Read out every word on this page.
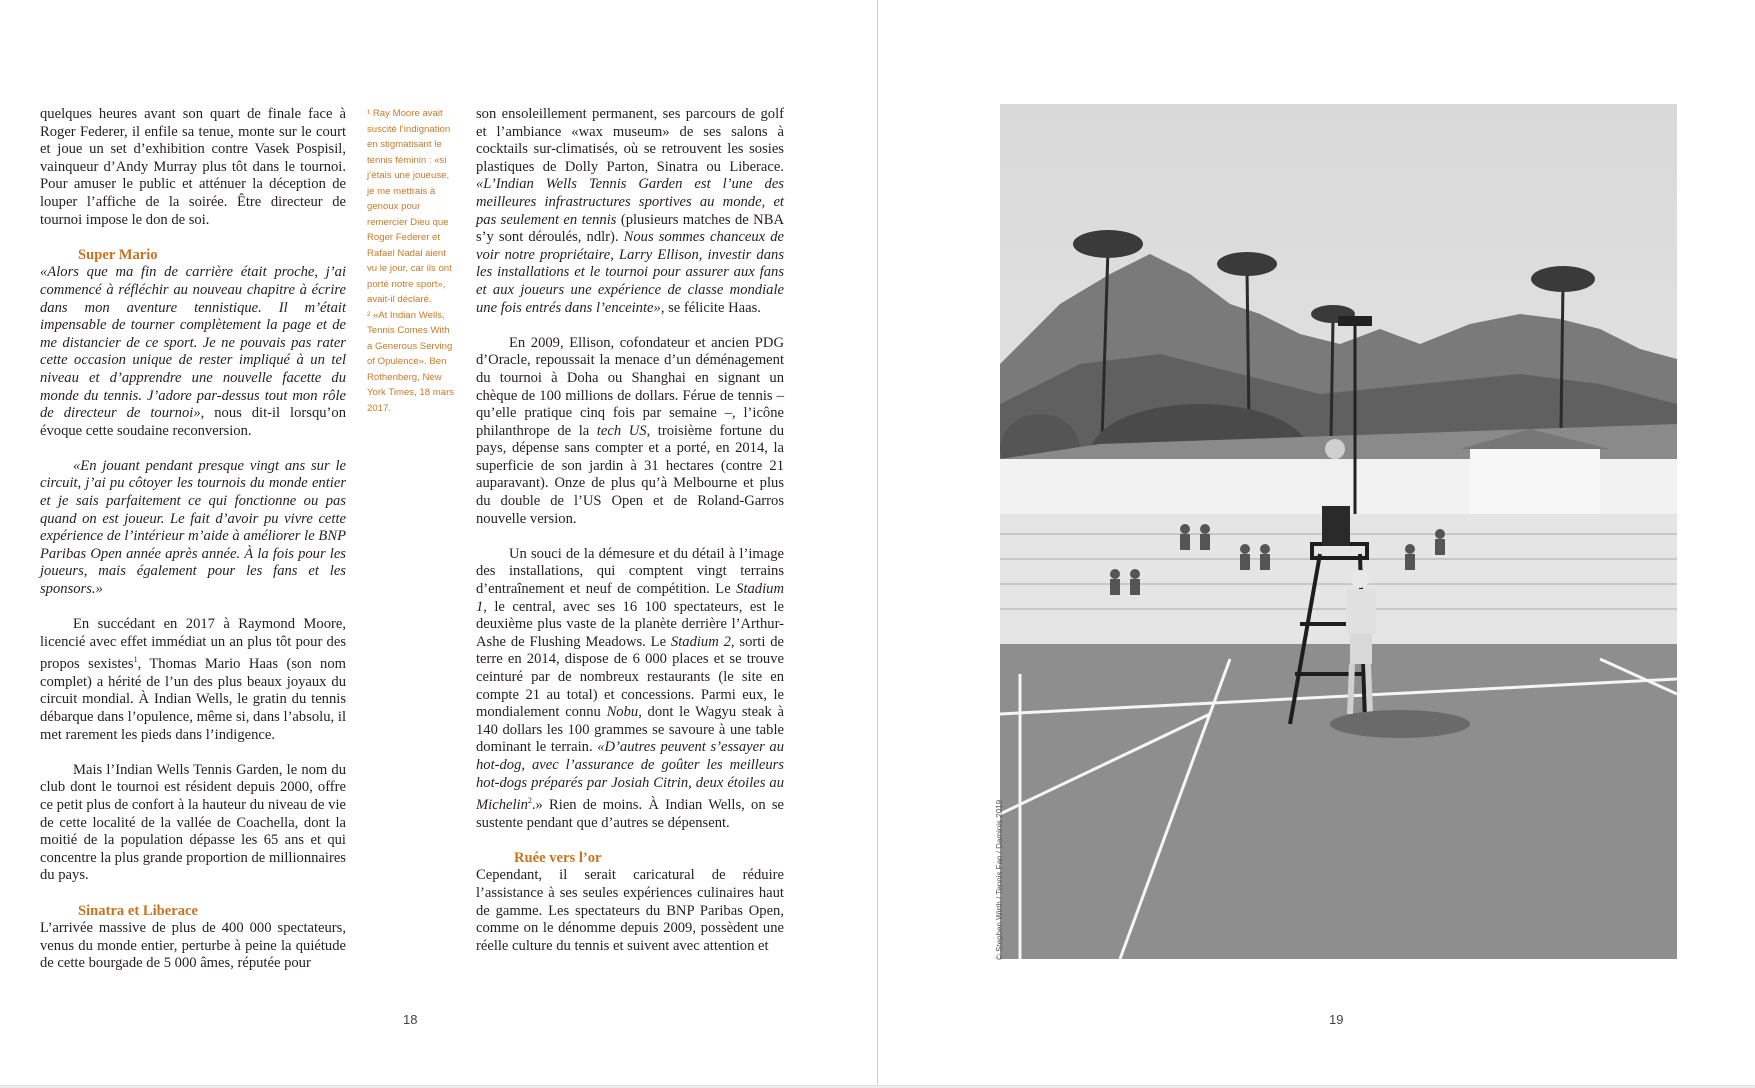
quelques heures avant son quart de finale face à Roger Federer, il enfile sa tenue, monte sur le court et joue un set d’exhibition contre Vasek Pospisil, vainqueur d’Andy Murray plus tôt dans le tournoi. Pour amuser le public et atténuer la déception de louper l’affiche de la soirée. Être directeur de tournoi impose le don de soi.

Super Mario

«Alors que ma fin de carrière était proche, j’ai commencé à réfléchir au nouveau chapitre à écrire dans mon aventure tennistique. Il m’était impensable de tourner complètement la page et de me distancier de ce sport. Je ne pouvais pas rater cette occasion unique de rester impliqué à un tel niveau et d’apprendre une nouvelle facette du monde du tennis. J’adore par-dessus tout mon rôle de directeur de tournoi», nous dit-il lorsqu’on évoque cette soudaine reconversion.

«En jouant pendant presque vingt ans sur le circuit, j’ai pu côtoyer les tournois du monde entier et je sais parfaitement ce qui fonctionne ou pas quand on est joueur. Le fait d’avoir pu vivre cette expérience de l’intérieur m’aide à améliorer le BNP Paribas Open année après année. À la fois pour les joueurs, mais également pour les fans et les sponsors.»

En succédant en 2017 à Raymond Moore, licencié avec effet immédiat un an plus tôt pour des propos sexistes$^1$, Thomas Mario Haas (son nom complet) a hérité de l’un des plus beaux joyaux du circuit mondial. À Indian Wells, le gratin du tennis débarque dans l’opulence, même si, dans l’absolu, il met rarement les pieds dans l’indigence.

Mais l’Indian Wells Tennis Garden, le nom du club dont le tournoi est résident depuis 2000, offre ce petit plus de confort à la hauteur du niveau de vie de cette localité de la vallée de Coachella, dont la moitié de la population dépasse les 65 ans et qui concentre la plus grande proportion de millionnaires du pays.

Sinatra et Liberace

L’arrivée massive de plus de 400 000 spectateurs, venus du monde entier, perturbe à peine la quiétude de cette bourgade de 5 000 âmes, réputée pour

¹ Ray Moore avait suscité l’indignation en stigmatisant le tennis féminin : «si j’étais une joueuse, je me mettrais à genoux pour remercier Dieu que Roger Federer et Rafael Nadal aient vu le jour, car ils ont porté notre sport», avait-il déclaré.

² «At Indian Wells, Tennis Comes With a Generous Serving of Opulence». Ben Rothenberg, New York Times, 18 mars 2017.

son ensoleillement permanent, ses parcours de golf et l’ambiance «wax museum» de ses salons à cocktails sur-climatisés, où se retrouvent les sosies plastiques de Dolly Parton, Sinatra ou Liberace. «L’Indian Wells Tennis Garden est l’une des meilleures infrastructures sportives au monde, et pas seulement en tennis (plusieurs matches de NBA s’y sont déroulés, ndlr). Nous sommes chanceux de voir notre propriétaire, Larry Ellison, investir dans les installations et le tournoi pour assurer aux fans et aux joueurs une expérience de classe mondiale une fois entrés dans l’enceinte», se félicite Haas.

En 2009, Ellison, cofondateur et ancien PDG d’Oracle, repoussait la menace d’un déménagement du tournoi à Doha ou Shanghai en signant un chèque de 100 millions de dollars. Férue de tennis – qu’elle pratique cinq fois par semaine –, l’icône philanthrope de la tech US, troisième fortune du pays, dépense sans compter et a porté, en 2014, la superficie de son jardin à 31 hectares (contre 21 auparavant). Onze de plus qu’à Melbourne et plus du double de l’US Open et de Roland-Garros nouvelle version.

Un souci de la démesure et du détail à l’image des installations, qui comptent vingt terrains d’entraînement et neuf de compétition. Le Stadium 1, le central, avec ses 16 100 spectateurs, est le deuxième plus vaste de la planète derrière l’Arthur-Ashe de Flushing Meadows. Le Stadium 2, sorti de terre en 2014, dispose de 6 000 places et se trouve ceinturé par de nombreux restaurants (le site en compte 21 au total) et concessions. Parmi eux, le mondialement connu Nobu, dont le Wagyu steak à 140 dollars les 100 grammes se savoure à une table dominant le terrain. «D’autres peuvent s’essayer au hot-dog, avec l’assurance de goûter les meilleurs hot-dogs préparés par Josiah Citrin, deux étoiles au Michelin$^2$.» Rien de moins. À Indian Wells, on se sustente pendant que d’autres se dépensent.

Ruée vers l’or

Cependant, il serait caricatural de réduire l’assistance à ses seules expériences culinaires haut de gamme. Les spectateurs du BNP Paribas Open, comme on le dénomme depuis 2009, possèdent une réelle culture du tennis et suivent avec attention et

18
© Stephen Wirth / Tennis Fan / Daminis 2019
19
